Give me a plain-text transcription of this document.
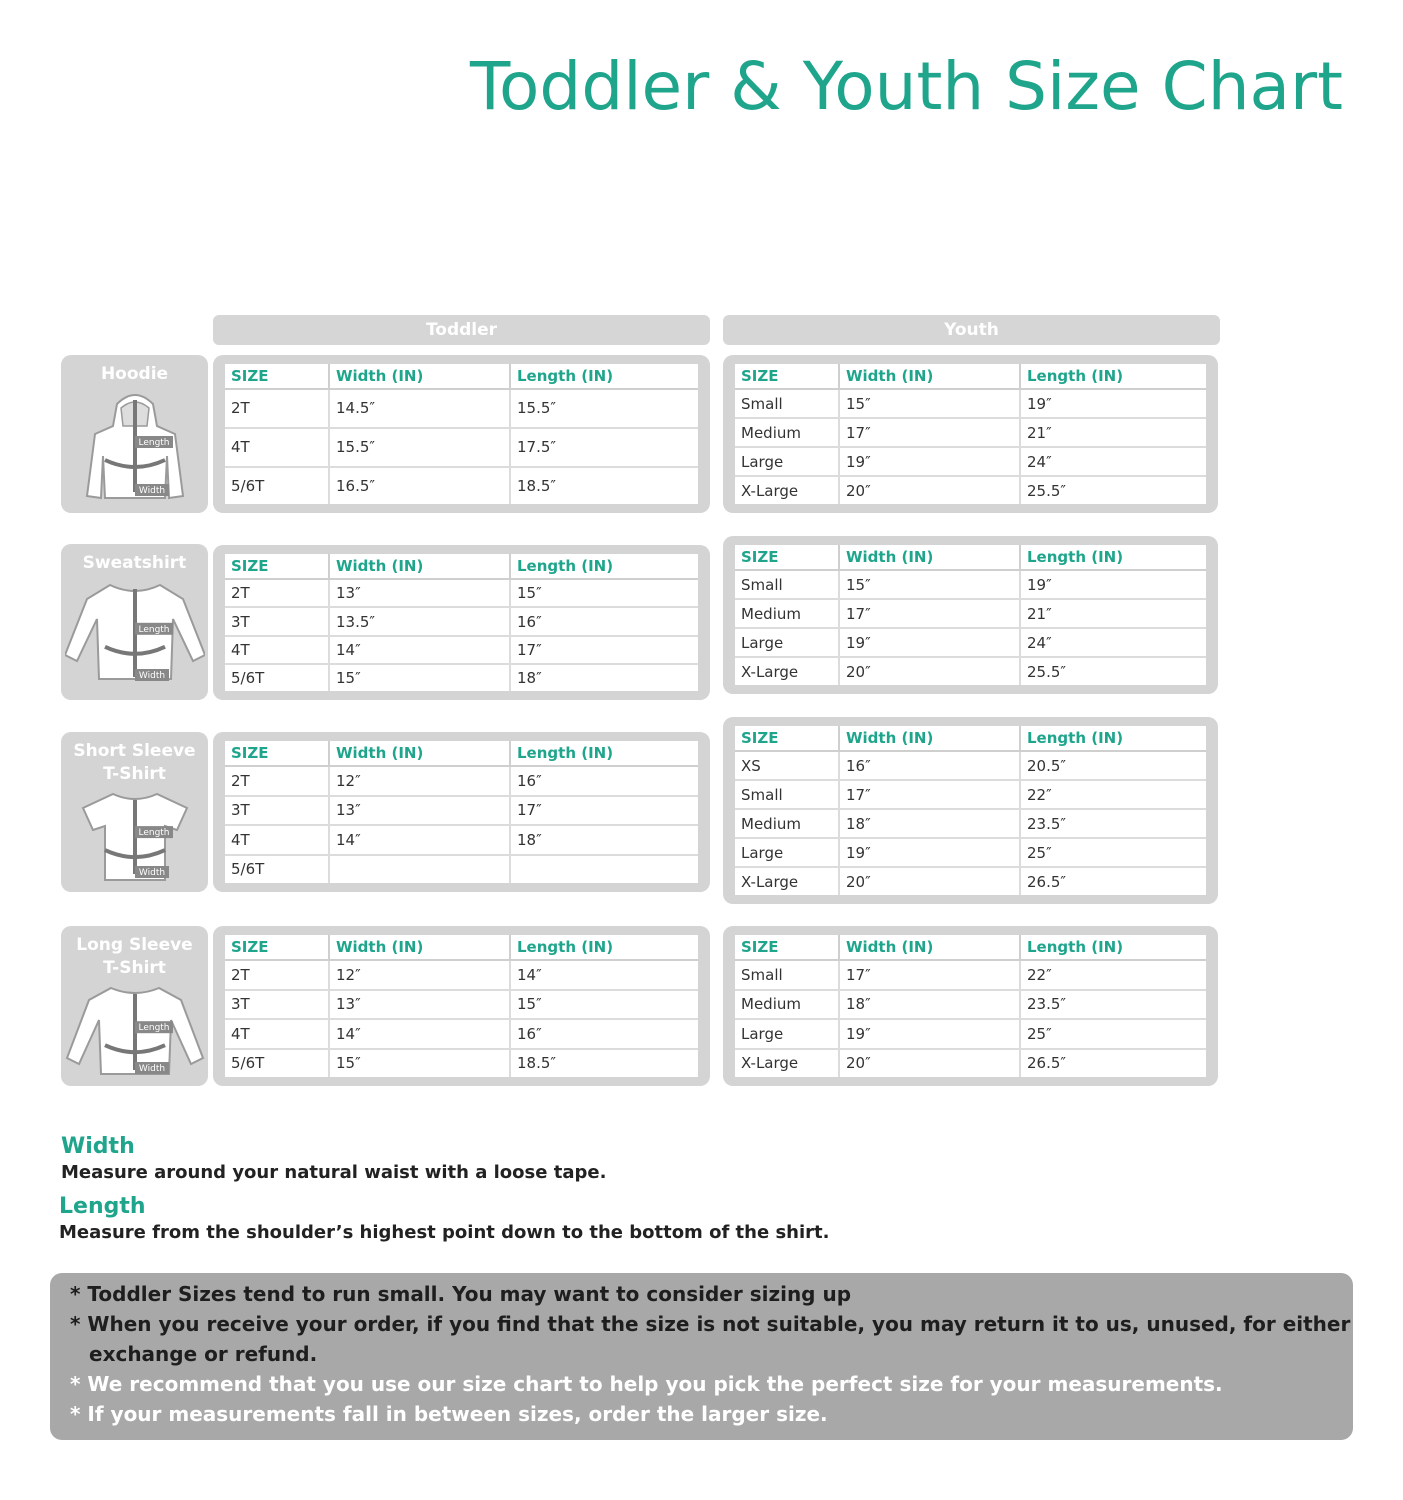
Toddler & Youth Size Chart
Toddler	Youth
Hoodie
Length
Width
SIZE	Width (IN)	Length (IN)
2T	14.5″	15.5″
4T	15.5″	17.5″
5/6T	16.5″	18.5″
SIZE	Width (IN)	Length (IN)
Small	15″	19″
Medium	17″	21″
Large	19″	24″
X-Large	20″	25.5″
Sweatshirt
Length
Width
SIZE	Width (IN)	Length (IN)
2T	13″	15″
3T	13.5″	16″
4T	14″	17″
5/6T	15″	18″
SIZE	Width (IN)	Length (IN)
Small	15″	19″
Medium	17″	21″
Large	19″	24″
X-Large	20″	25.5″
Short Sleeve
T-Shirt
Length
Width
SIZE	Width (IN)	Length (IN)
2T	12″	16″
3T	13″	17″
4T	14″	18″
5/6T		
SIZE	Width (IN)	Length (IN)
XS	16″	20.5″
Small	17″	22″
Medium	18″	23.5″
Large	19″	25″
X-Large	20″	26.5″
Long Sleeve
T-Shirt
Length
Width
SIZE	Width (IN)	Length (IN)
2T	12″	14″
3T	13″	15″
4T	14″	16″
5/6T	15″	18.5″
SIZE	Width (IN)	Length (IN)
Small	17″	22″
Medium	18″	23.5″
Large	19″	25″
X-Large	20″	26.5″
Width
Measure around your natural waist with a loose tape.
Length
Measure from the shoulder’s highest point down to the bottom of the shirt.
* Toddler Sizes tend to run small. You may want to consider sizing up
* When you receive your order, if you find that the size is not suitable, you may return it to us, unused, for either
exchange or refund.
* We recommend that you use our size chart to help you pick the perfect size for your measurements.
* If your measurements fall in between sizes, order the larger size.
